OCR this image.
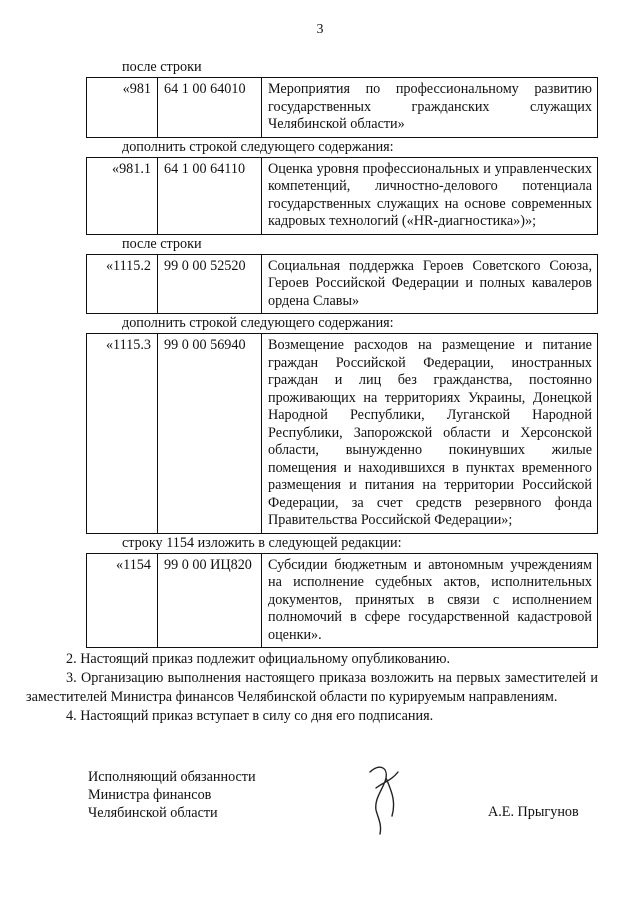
3
после строки
«981	64 1 00 64010	Мероприятия по профессиональному развитию государственных гражданских служащих Челябинской области»
дополнить строкой следующего содержания:
«981.1	64 1 00 64110	Оценка уровня профессиональных и управленческих компетенций, личностно-делового потенциала государственных служащих на основе современных кадровых технологий («HR-диагностика»)»;
после строки
«1115.2	99 0 00 52520	Социальная поддержка Героев Советского Союза, Героев Российской Федерации и полных кавалеров ордена Славы»
дополнить строкой следующего содержания:
«1115.3	99 0 00 56940	Возмещение расходов на размещение и питание граждан Российской Федерации, иностранных граждан и лиц без гражданства, постоянно проживающих на территориях Украины, Донецкой Народной Республики, Луганской Народной Республики, Запорожской области и Херсонской области, вынужденно покинувших жилые помещения и находившихся в пунктах временного размещения и питания на территории Российской Федерации, за счет средств резервного фонда Правительства Российской Федерации»;
строку 1154 изложить в следующей редакции:
«1154	99 0 00 ИЦ820	Субсидии бюджетным и автономным учреждениям на исполнение судебных актов, исполнительных документов, принятых в связи с исполнением полномочий в сфере государственной кадастровой оценки».
2. Настоящий приказ подлежит официальному опубликованию.
3. Организацию выполнения настоящего приказа возложить на первых заместителей и заместителей Министра финансов Челябинской области по курируемым направлениям.
4. Настоящий приказ вступает в силу со дня его подписания.
Исполняющий обязанности
Министра финансов
Челябинской области	А.Е. Прыгунов
